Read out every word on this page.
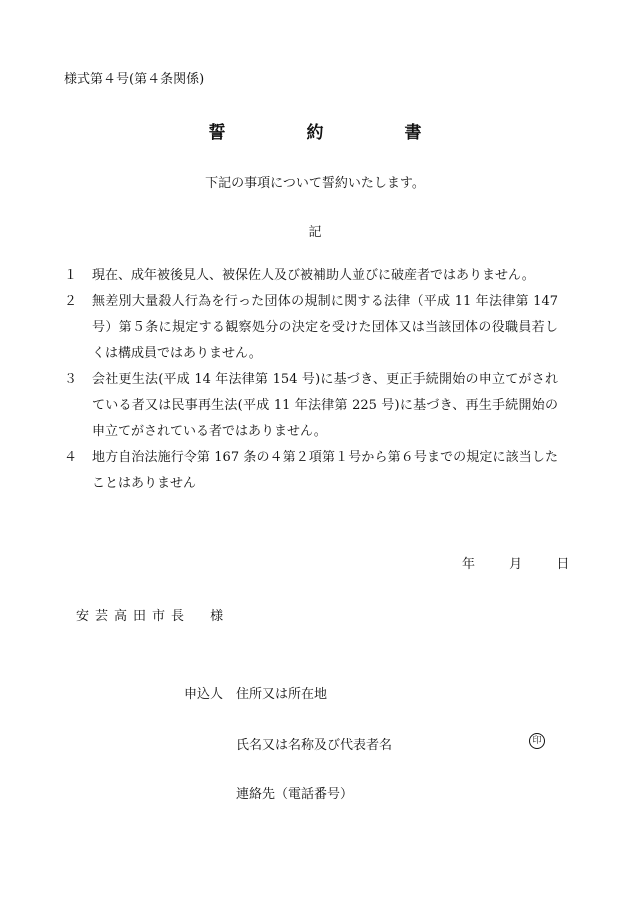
様式第４号(第４条関係)
誓　約　書
下記の事項について誓約いたします。
記
１	現在、成年被後見人、被保佐人及び被補助人並びに破産者ではありません。
２	無差別大量殺人行為を行った団体の規制に関する法律（平成 11 年法律第 147 号）第５条に規定する観察処分の決定を受けた団体又は当該団体の役職員若しくは構成員ではありません。
３	会社更生法(平成 14 年法律第 154 号)に基づき、更正手続開始の申立てがされている者又は民事再生法(平成 11 年法律第 225 号)に基づき、再生手続開始の申立てがされている者ではありません。
４	地方自治法施行令第 167 条の４第２項第１号から第６号までの規定に該当したことはありません
年	月	日
安芸高田市長 様
申込人 住所又は所在地
氏名又は名称及び代表者名	印
連絡先（電話番号）
